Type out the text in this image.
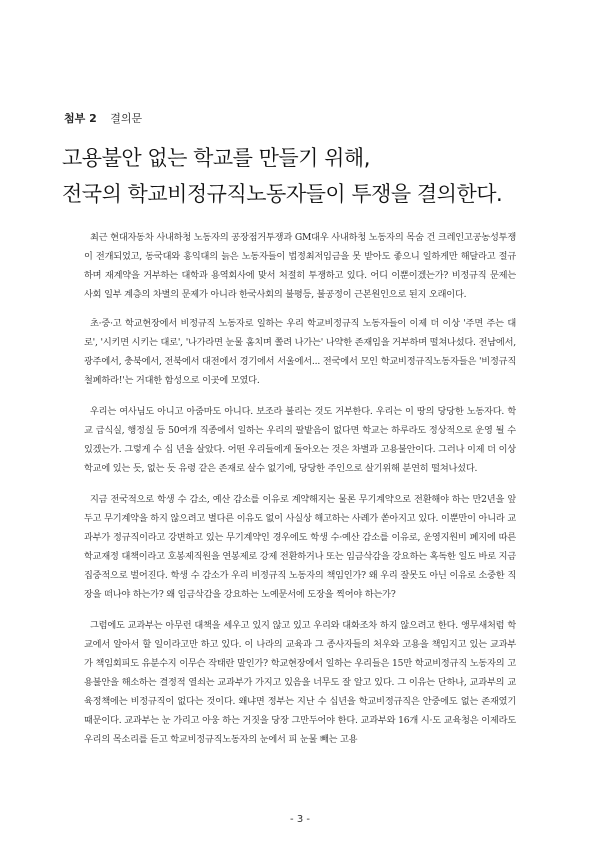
첨부 2 결의문
고용불안 없는 학교를 만들기 위해,
전국의 학교비정규직노동자들이 투쟁을 결의한다.

최근 현대자동차 사내하청 노동자의 공장점거투쟁과 GM대우 사내하청 노동자의 목숨 건 크레인고공농성투쟁이 전개되었고, 동국대와 홍익대의 늙은 노동자들이 법정최저임금을 못 받아도 좋으니 일하게만 해달라고 절규하며 재계약을 거부하는 대학과 용역회사에 맞서 처절히 투쟁하고 있다. 어디 이뿐이겠는가? 비정규직 문제는 사회 일부 계층의 차별의 문제가 아니라 한국사회의 불평등, 불공정이 근본원인으로 된지 오래이다.

초·중·고 학교현장에서 비정규직 노동자로 일하는 우리 학교비정규직 노동자들이 이제 더 이상 '주면 주는 대로', '시키면 시키는 대로', '나가라면 눈물 훔치며 쫄려 나가는' 나약한 존재임을 거부하며 떨쳐나섰다. 전남에서, 광주에서, 충북에서, 전북에서 대전에서 경기에서 서울에서... 전국에서 모인 학교비정규직노동자들은 '비정규직 철폐하라!'는 거대한 함성으로 이곳에 모였다.

우리는 여사님도 아니고 아줌마도 아니다. 보조라 불리는 것도 거부한다. 우리는 이 땅의 당당한 노동자다. 학교 급식실, 행정실 등 50여개 직종에서 일하는 우리의 팔밭음이 없다면 학교는 하루라도 정상적으로 운영 될 수 있겠는가. 그렇게 수 십 년을 살았다. 어떤 우리들에게 돌아오는 것은 차별과 고용불안이다. 그러나 이제 더 이상 학교에 있는 듯, 없는 듯 유령 같은 존재로 살수 없기에, 당당한 주인으로 살기위해 분연히 떨쳐나섰다.

지금 전국적으로 학생 수 감소, 예산 감소를 이유로 계약해지는 물론 무기계약으로 전환해야 하는 만2년을 앞두고 무기계약을 하지 않으려고 별다른 이유도 없이 사실상 해고하는 사례가 쏟아지고 있다. 이뿐만이 아니라 교과부가 정규직이라고 강변하고 있는 무기계약인 경우에도 학생 수·예산 감소를 이유로, 운영지원비 폐지에 따른 학교재정 대책이라고 호봉제직원을 연봉제로 강제 전환하거나 또는 임금삭감을 강요하는 혹독한 일도 바로 지금 집중적으로 벌어진다. 학생 수 감소가 우리 비정규직 노동자의 책임인가? 왜 우리 잘못도 아닌 이유로 소중한 직장을 떠나야 하는가? 왜 임금삭감을 강요하는 노예문서에 도장을 찍어야 하는가?

그럼에도 교과부는 아무런 대책을 세우고 있지 않고 있고 우리와 대화조차 하지 않으려고 한다. 앵무새처럼 학교에서 알아서 할 일이라고만 하고 있다. 이 나라의 교육과 그 종사자들의 처우와 고용을 책임지고 있는 교과부가 책임회피도 유분수지 이무슨 작태란 말인가? 학교현장에서 일하는 우리들은 15만 학교비정규직 노동자의 고용불안을 해소하는 결정적 열쇠는 교과부가 가지고 있음을 너무도 잘 알고 있다. 그 이유는 단하나, 교과부의 교육정책에는 비정규직이 없다는 것이다. 왜냐면 정부는 지난 수 십년을 학교비정규직은 안중에도 없는 존재였기 때문이다. 교과부는 눈 가리고 아웅 하는 거짓을 당장 그만두어야 한다. 교과부와 16개 시·도 교육청은 이제라도 우리의 목소리를 듣고 학교비정규직노동자의 눈에서 피 눈물 빼는 고용

- 3 -
